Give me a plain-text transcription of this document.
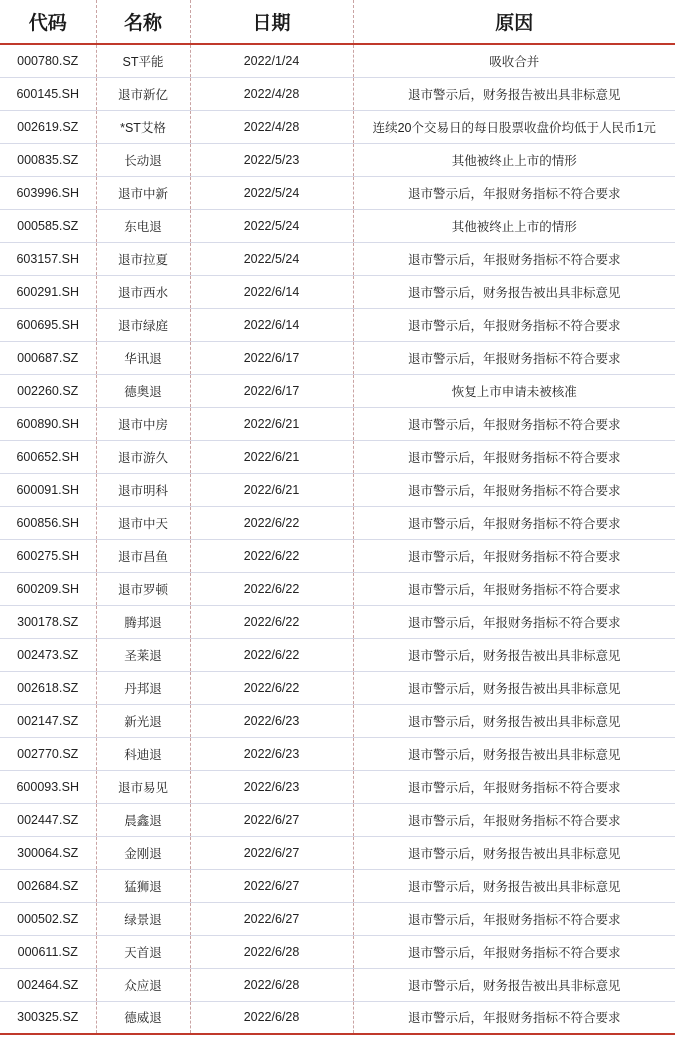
代码	名称	日期	原因
000780.SZ	ST平能	2022/1/24	吸收合并
600145.SH	退市新亿	2022/4/28	退市警示后，财务报告被出具非标意见
002619.SZ	*ST艾格	2022/4/28	连续20个交易日的每日股票收盘价均低于人民币1元
000835.SZ	长动退	2022/5/23	其他被终止上市的情形
603996.SH	退市中新	2022/5/24	退市警示后，年报财务指标不符合要求
000585.SZ	东电退	2022/5/24	其他被终止上市的情形
603157.SH	退市拉夏	2022/5/24	退市警示后，年报财务指标不符合要求
600291.SH	退市西水	2022/6/14	退市警示后，财务报告被出具非标意见
600695.SH	退市绿庭	2022/6/14	退市警示后，年报财务指标不符合要求
000687.SZ	华讯退	2022/6/17	退市警示后，年报财务指标不符合要求
002260.SZ	德奥退	2022/6/17	恢复上市申请未被核准
600890.SH	退市中房	2022/6/21	退市警示后，年报财务指标不符合要求
600652.SH	退市游久	2022/6/21	退市警示后，年报财务指标不符合要求
600091.SH	退市明科	2022/6/21	退市警示后，年报财务指标不符合要求
600856.SH	退市中天	2022/6/22	退市警示后，年报财务指标不符合要求
600275.SH	退市昌鱼	2022/6/22	退市警示后，年报财务指标不符合要求
600209.SH	退市罗顿	2022/6/22	退市警示后，年报财务指标不符合要求
300178.SZ	腾邦退	2022/6/22	退市警示后，年报财务指标不符合要求
002473.SZ	圣莱退	2022/6/22	退市警示后，财务报告被出具非标意见
002618.SZ	丹邦退	2022/6/22	退市警示后，财务报告被出具非标意见
002147.SZ	新光退	2022/6/23	退市警示后，财务报告被出具非标意见
002770.SZ	科迪退	2022/6/23	退市警示后，财务报告被出具非标意见
600093.SH	退市易见	2022/6/23	退市警示后，年报财务指标不符合要求
002447.SZ	晨鑫退	2022/6/27	退市警示后，年报财务指标不符合要求
300064.SZ	金刚退	2022/6/27	退市警示后，财务报告被出具非标意见
002684.SZ	猛狮退	2022/6/27	退市警示后，财务报告被出具非标意见
000502.SZ	绿景退	2022/6/27	退市警示后，年报财务指标不符合要求
000611.SZ	天首退	2022/6/28	退市警示后，年报财务指标不符合要求
002464.SZ	众应退	2022/6/28	退市警示后，财务报告被出具非标意见
300325.SZ	德威退	2022/6/28	退市警示后，年报财务指标不符合要求
